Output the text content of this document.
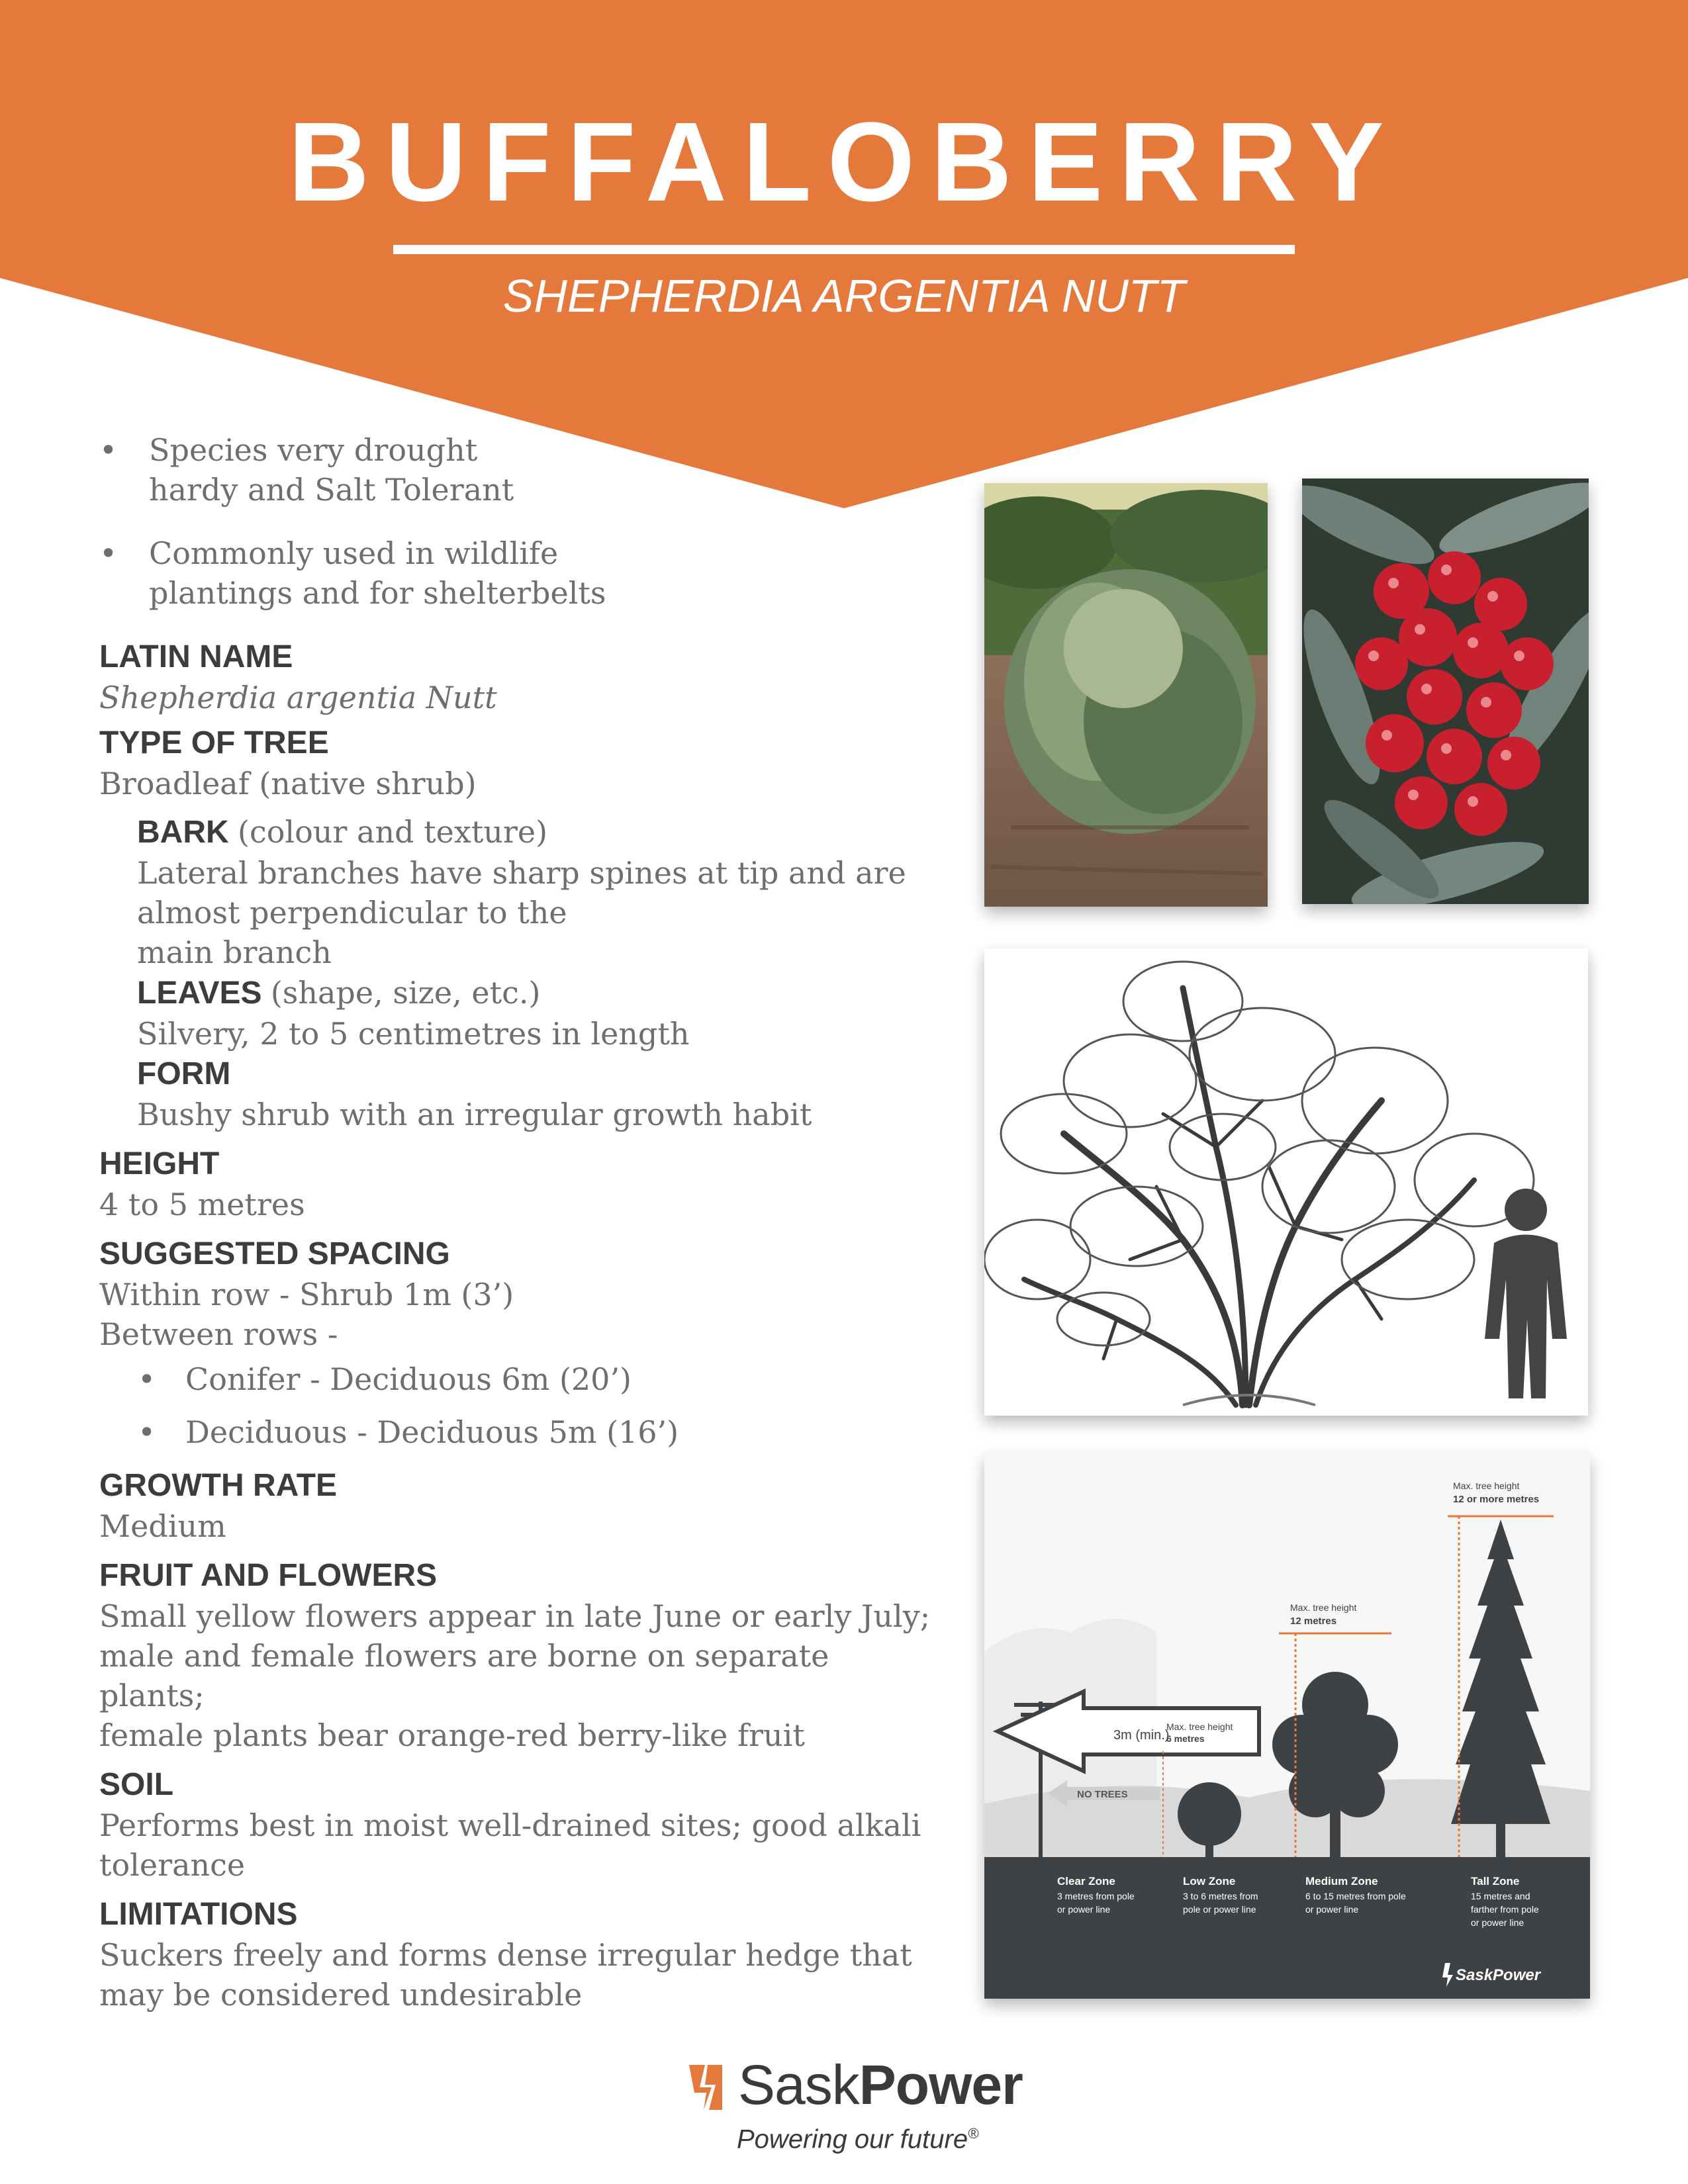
BUFFALOBERRY
SHEPHERDIA ARGENTIA NUTT
• Species very drought
hardy and Salt Tolerant
• Commonly used in wildlife
plantings and for shelterbelts
LATIN NAME
Shepherdia argentia Nutt
TYPE OF TREE
Broadleaf (native shrub)
BARK (colour and texture)
Lateral branches have sharp spines at tip and are
almost perpendicular to the
main branch
LEAVES (shape, size, etc.)
Silvery, 2 to 5 centimetres in length
FORM
Bushy shrub with an irregular growth habit
HEIGHT
4 to 5 metres
SUGGESTED SPACING
Within row - Shrub 1m (3’)
Between rows -
• Conifer - Deciduous 6m (20’)
• Deciduous - Deciduous 5m (16’)
GROWTH RATE
Medium
FRUIT AND FLOWERS
Small yellow flowers appear in late June or early July;
male and female flowers are borne on separate plants;
female plants bear orange-red berry-like fruit
SOIL
Performs best in moist well-drained sites; good alkali
tolerance
LIMITATIONS
Suckers freely and forms dense irregular hedge that
may be considered undesirable
3m (min.)
Max. tree height
6 metres
NO TREES
Max. tree height
12 metres
Max. tree height
12 or more metres
Clear Zone
3 metres from pole
or power line
Low Zone
3 to 6 metres from
pole or power line
Medium Zone
6 to 15 metres from pole
or power line
Tall Zone
15 metres and
farther from pole
or power line
SaskPower
SaskPower
Powering our future®
